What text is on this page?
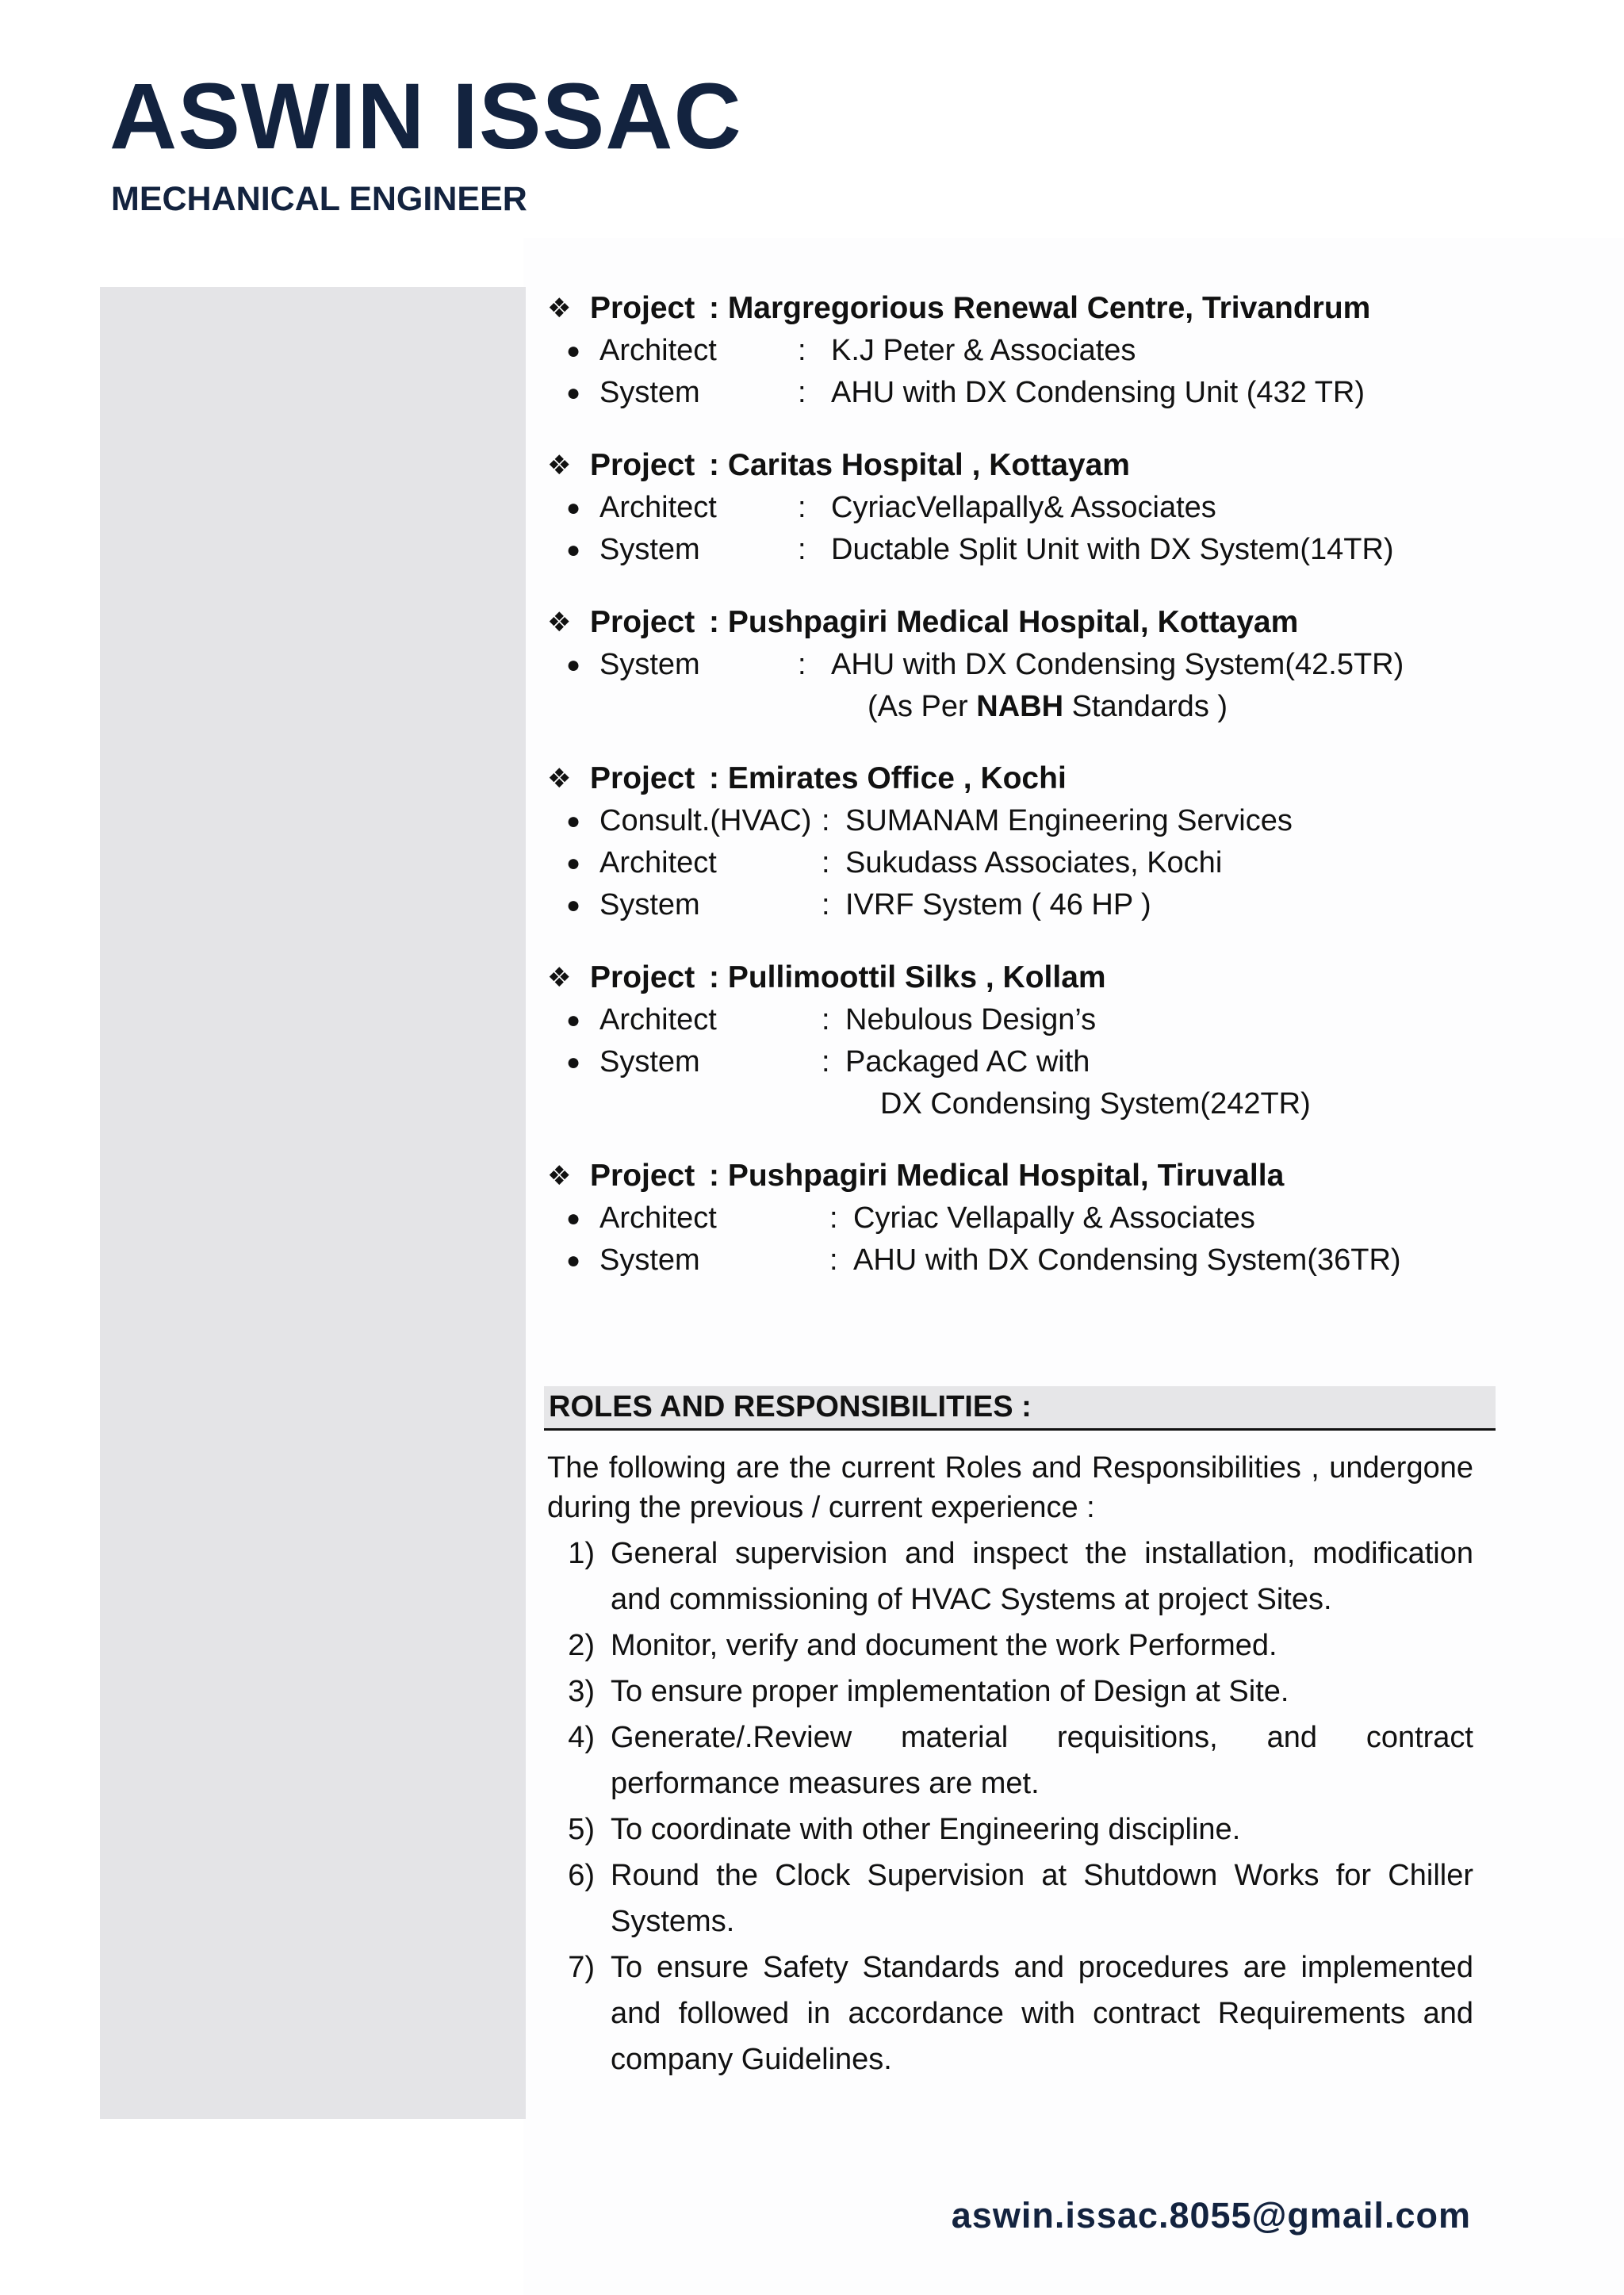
ASWIN ISSAC
MECHANICAL ENGINEER
❖ Project : Margregorious Renewal Centre, Trivandrum
● Architect	: K.J Peter & Associates
● System	: AHU with DX Condensing Unit (432 TR)
❖ Project : Caritas Hospital , Kottayam
● Architect	: CyriacVellapally& Associates
● System	: Ductable Split Unit with DX System(14TR)
❖ Project : Pushpagiri Medical Hospital, Kottayam
● System	: AHU with DX Condensing System(42.5TR)
(As Per NABH Standards )
❖ Project : Emirates Office , Kochi
● Consult.(HVAC) : SUMANAM Engineering Services
● Architect	: Sukudass Associates, Kochi
● System	: IVRF System ( 46 HP )
❖ Project : Pullimoottil Silks , Kollam
● Architect	: Nebulous Design’s
● System	: Packaged AC with
DX Condensing System(242TR)
❖ Project : Pushpagiri Medical Hospital, Tiruvalla
● Architect	: Cyriac Vellapally & Associates
● System	: AHU with DX Condensing System(36TR)
ROLES AND RESPONSIBILITIES :
The following are the current Roles and Responsibilities , undergone during the previous / current experience :
1) General supervision and inspect the installation, modification and commissioning of HVAC Systems at project Sites.
2) Monitor, verify and document the work Performed.
3) To ensure proper implementation of Design at Site.
4) Generate/.Review material requisitions, and contract performance measures are met.
5) To coordinate with other Engineering discipline.
6) Round the Clock Supervision at Shutdown Works for Chiller Systems.
7) To ensure Safety Standards and procedures are implemented and followed in accordance with contract Requirements and company Guidelines.
aswin.issac.8055@gmail.com
